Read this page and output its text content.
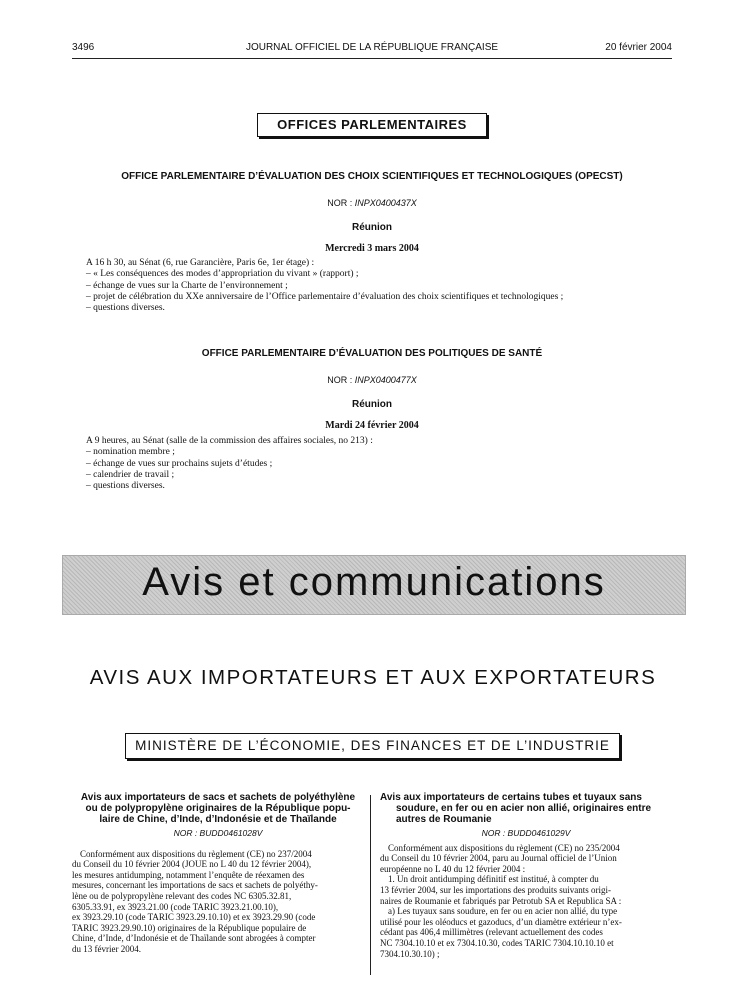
3496	JOURNAL OFFICIEL DE LA RÉPUBLIQUE FRANÇAISE	20 février 2004
OFFICES PARLEMENTAIRES
OFFICE PARLEMENTAIRE D’ÉVALUATION DES CHOIX SCIENTIFIQUES ET TECHNOLOGIQUES (OPECST)
NOR : INPX0400437X
Réunion
Mercredi 3 mars 2004
A 16 h 30, au Sénat (6, rue Garancière, Paris 6e, 1er étage) :
– « Les conséquences des modes d’appropriation du vivant » (rapport) ;
– échange de vues sur la Charte de l’environnement ;
– projet de célébration du XXe anniversaire de l’Office parlementaire d’évaluation des choix scientifiques et technologiques ;
– questions diverses.
OFFICE PARLEMENTAIRE D’ÉVALUATION DES POLITIQUES DE SANTÉ
NOR : INPX0400477X
Réunion
Mardi 24 février 2004
A 9 heures, au Sénat (salle de la commission des affaires sociales, no 213) :
– nomination membre ;
– échange de vues sur prochains sujets d’études ;
– calendrier de travail ;
– questions diverses.
Avis et communications
AVIS AUX IMPORTATEURS ET AUX EXPORTATEURS
MINISTÈRE DE L’ÉCONOMIE, DES FINANCES ET DE L’INDUSTRIE
Avis aux importateurs de sacs et sachets de polyéthylène
ou de polypropylène originaires de la République popu-
laire de Chine, d’Inde, d’Indonésie et de Thaïlande
NOR : BUDD0461028V
Conformément aux dispositions du règlement (CE) no 237/2004
du Conseil du 10 février 2004 (JOUE no L 40 du 12 février 2004),
les mesures antidumping, notamment l’enquête de réexamen des
mesures, concernant les importations de sacs et sachets de polyéthy-
lène ou de polypropylène relevant des codes NC 6305.32.81,
6305.33.91, ex 3923.21.00 (code TARIC 3923.21.00.10),
ex 3923.29.10 (code TARIC 3923.29.10.10) et ex 3923.29.90 (code
TARIC 3923.29.90.10) originaires de la République populaire de
Chine, d’Inde, d’Indonésie et de Thaïlande sont abrogées à compter
du 13 février 2004.
Avis aux importateurs de certains tubes et tuyaux sans
soudure, en fer ou en acier non allié, originaires entre
autres de Roumanie
NOR : BUDD0461029V
Conformément aux dispositions du règlement (CE) no 235/2004
du Conseil du 10 février 2004, paru au Journal officiel de l’Union
européenne no L 40 du 12 février 2004 :
1. Un droit antidumping définitif est institué, à compter du
13 février 2004, sur les importations des produits suivants origi-
naires de Roumanie et fabriqués par Petrotub SA et Republica SA :
a) Les tuyaux sans soudure, en fer ou en acier non allié, du type
utilisé pour les oléoducs et gazoducs, d’un diamètre extérieur n’ex-
cédant pas 406,4 millimètres (relevant actuellement des codes
NC 7304.10.10 et ex 7304.10.30, codes TARIC 7304.10.10.10 et
7304.10.30.10) ;
